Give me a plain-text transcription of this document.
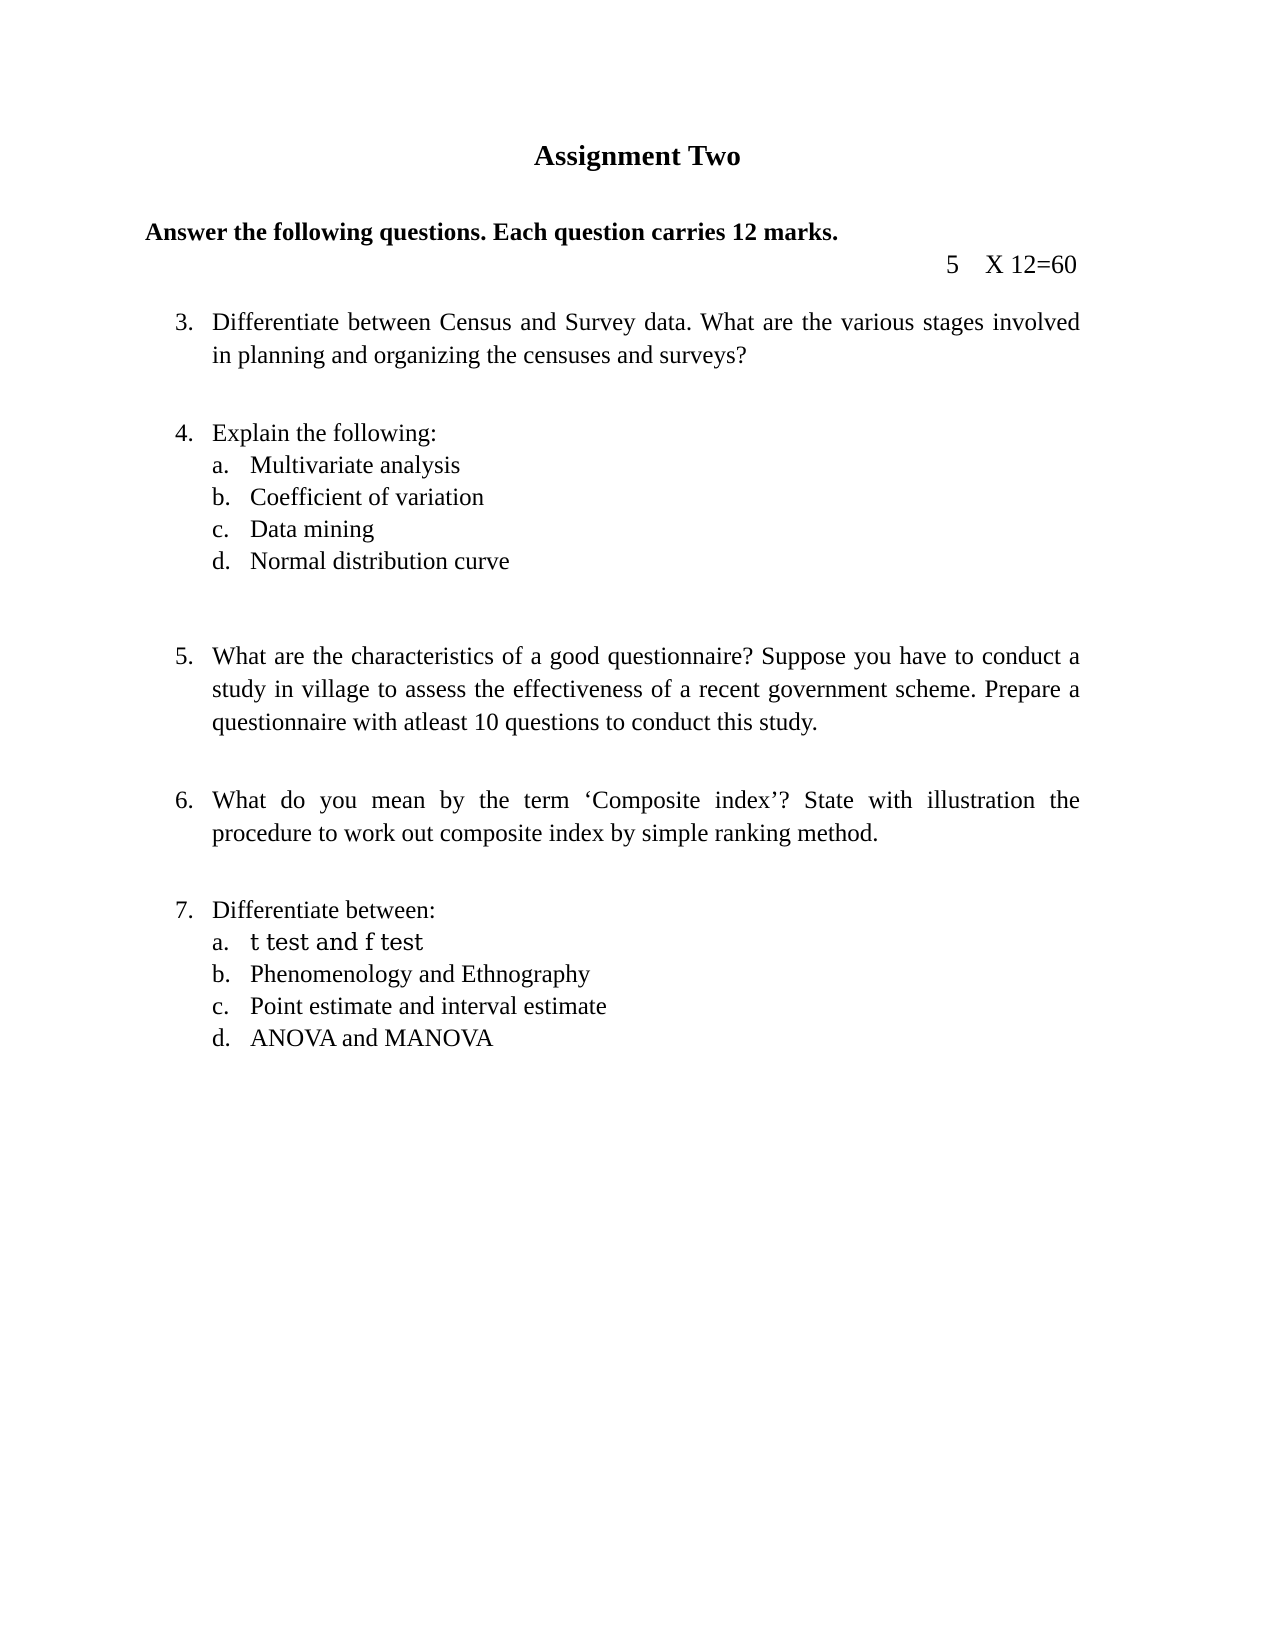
Assignment Two
Answer the following questions. Each question carries 12 marks.
5    X 12=60
3. Differentiate between Census and Survey data. What are the various stages involved in planning and organizing the censuses and surveys?
4. Explain the following:
a. Multivariate analysis
b. Coefficient of variation
c. Data mining
d. Normal distribution curve
5. What are the characteristics of a good questionnaire? Suppose you have to conduct a study in village to assess the effectiveness of a recent government scheme. Prepare a questionnaire with atleast 10 questions to conduct this study.
6. What do you mean by the term ‘Composite index’? State with illustration the procedure to work out composite index by simple ranking method.
7. Differentiate between:
a. t test and f test
b. Phenomenology and Ethnography
c. Point estimate and interval estimate
d. ANOVA and MANOVA
